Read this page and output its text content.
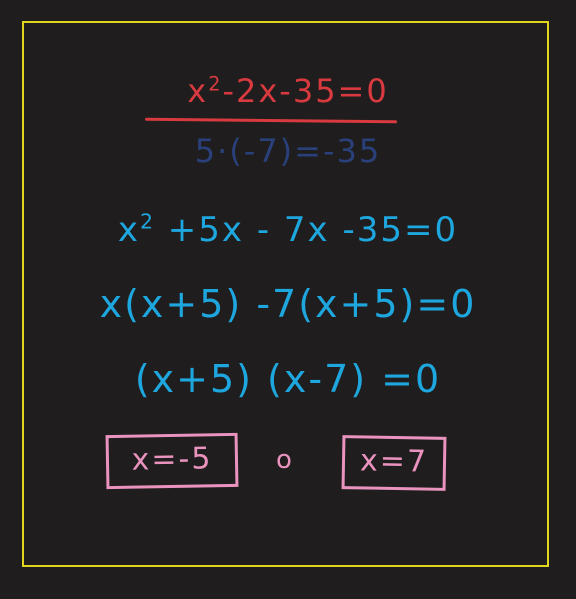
$x^2-2x-35=0$
5·(-7)=-35
$x^2 +5x - 7x$ -35=0
x(x+5) -7(x+5)=0
(x+5) (x-7) =0
x=-5	o	x=7
